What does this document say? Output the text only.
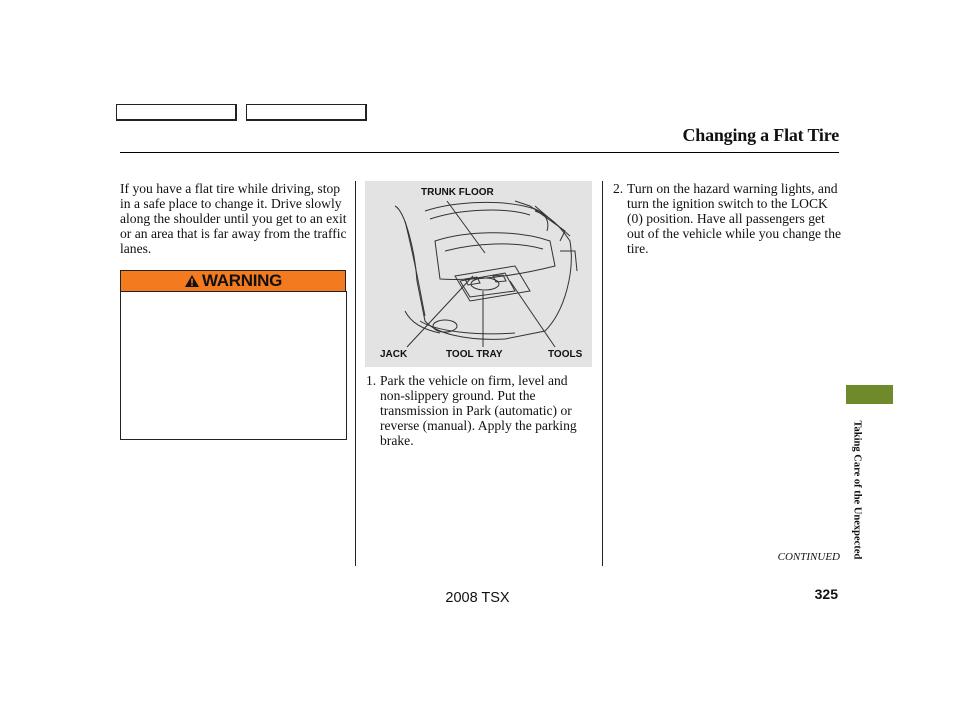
Changing a Flat Tire
If you have a flat tire while driving, stop in a safe place to change it. Drive slowly along the shoulder until you get to an exit or an area that is far away from the traffic lanes.
WARNING
TRUNK FLOOR
JACK	TOOL TRAY	TOOLS
1. Park the vehicle on firm, level and non-slippery ground. Put the transmission in Park (automatic) or reverse (manual). Apply the parking brake.
2. Turn on the hazard warning lights, and turn the ignition switch to the LOCK (0) position. Have all passengers get out of the vehicle while you change the tire.
Taking Care of the Unexpected
CONTINUED
2008 TSX	325
